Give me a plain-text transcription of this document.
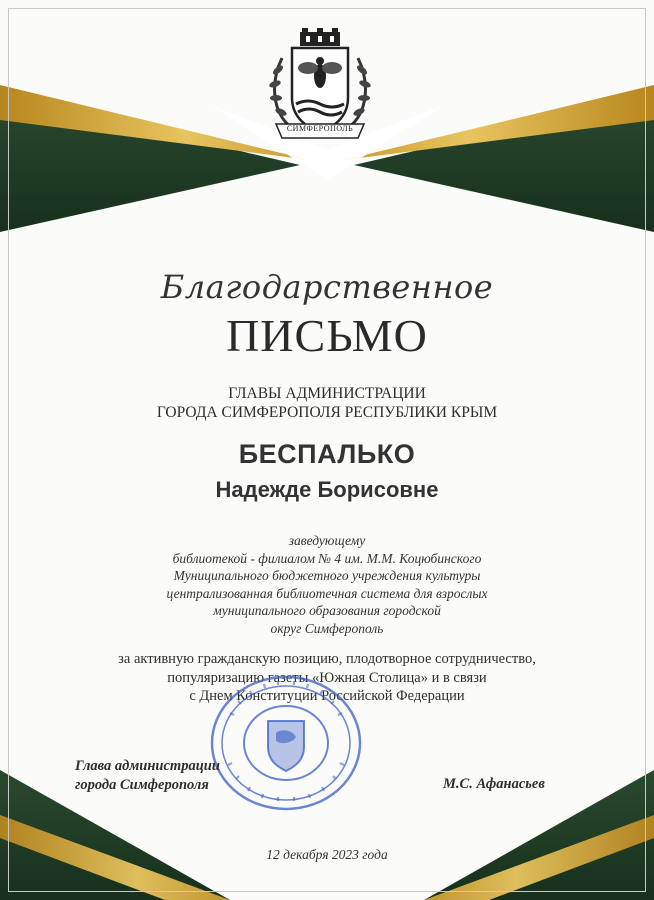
СИМФЕРОПОЛЬ
Благодарственное
ПИСЬМО
ГЛАВЫ АДМИНИСТРАЦИИ
ГОРОДА СИМФЕРОПОЛЯ РЕСПУБЛИКИ КРЫМ
БЕСПАЛЬКО
Надежде Борисовне
заведующему
библиотекой - филиалом № 4 им. М.М. Коцюбинского
Муниципального бюджетного учреждения культуры
централизованная библиотечная система для взрослых
муниципального образования городской
округ Симферополь
за активную гражданскую позицию, плодотворное сотрудничество,
популяризацию газеты «Южная Столица» и в связи
с Днем Конституции Российской Федерации
Глава администрации
города Симферополя	М.С. Афанасьев
12 декабря 2023 года
